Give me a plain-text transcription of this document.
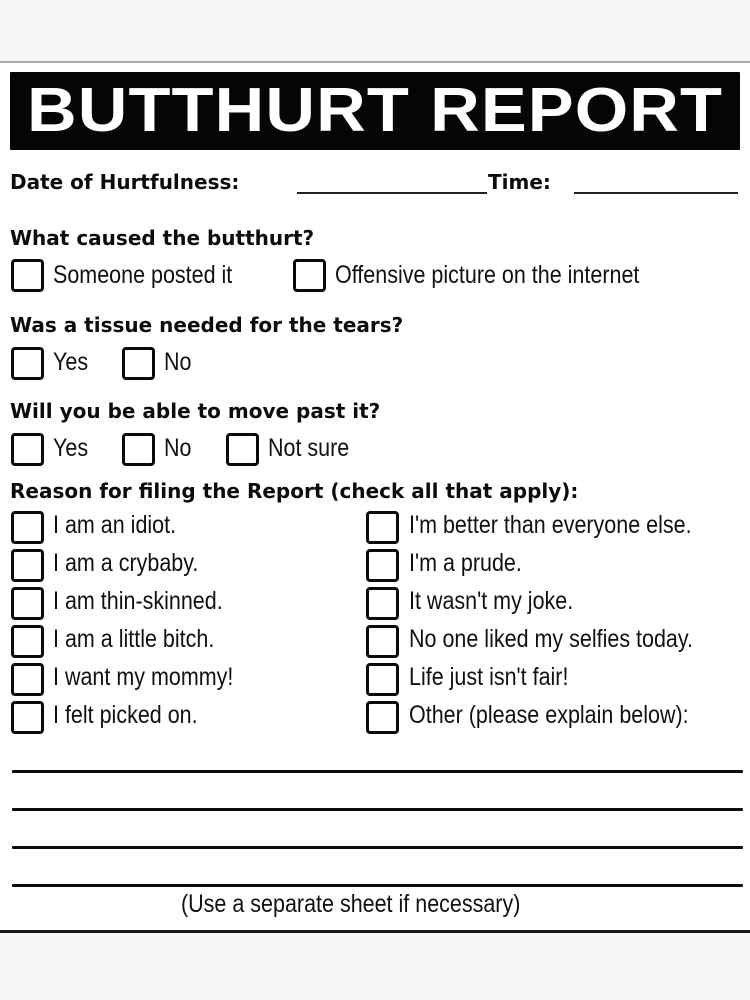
BUTTHURT REPORT
Date of Hurtfulness:	Time:
What caused the butthurt?
Someone posted it	Offensive picture on the internet
Was a tissue needed for the tears?
Yes	No
Will you be able to move past it?
Yes	No	Not sure
Reason for filing the Report (check all that apply):
I am an idiot.
I am a crybaby.
I am thin-skinned.
I am a little bitch.
I want my mommy!
I felt picked on.
I'm better than everyone else.
I'm a prude.
It wasn't my joke.
No one liked my selfies today.
Life just isn't fair!
Other (please explain below):
(Use a separate sheet if necessary)
